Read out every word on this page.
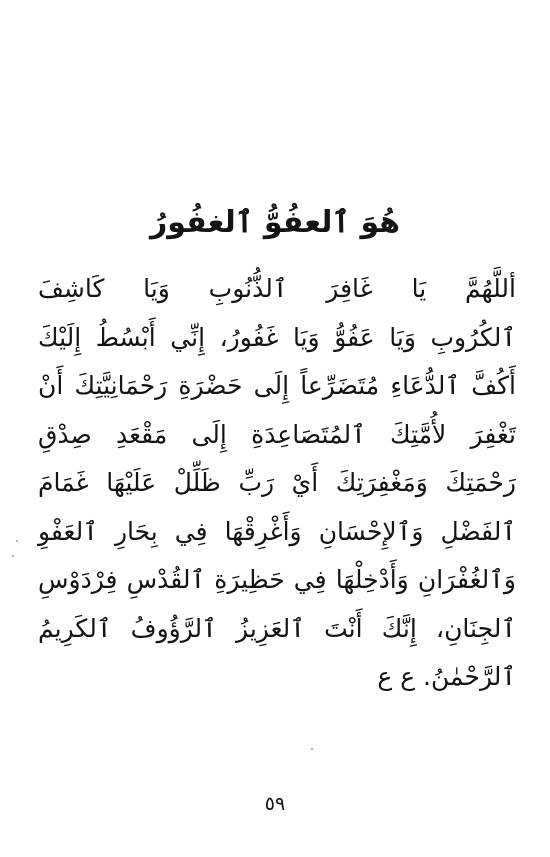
هُوَ ٱلعفُوُّ ٱلغفُورُ
أللَّهُمَّ يَا غَافِرَ ٱلذُّنُوبِ وَيَا كَاشِفَ
ٱلكُرُوبِ وَيَا عَفُوُّ وَيَا غَفُورُ، إِنِّي أَبْسُطُ إِلَيْكَ
أَكُفَّ ٱلدُّعَاءِ مُتَضَرِّعاً إِلَى حَضْرَةِ رَحْمَانِيَّتِكَ أَنْ
تَغْفِرَ لأُمَّتِكَ ٱلمُتَصَاعِدَةِ إِلَى مَقْعَدِ صِدْقِ
رَحْمَتِكَ وَمَغْفِرَتِكَ أَيْ رَبِّ ظَلِّلْ عَلَيْهَا غَمَامَ
ٱلفَضْلِ وَٱلإِحْسَانِ وَأَغْرِقْهَا فِي بِحَارِ ٱلعَفْوِ
وَٱلغُفْرَانِ وَأَدْخِلْهَا فِي حَظِيرَةِ ٱلقُدْسِ فِرْدَوْسِ
ٱلجِنَانِ، إِنَّكَ أَنْتَ ٱلعَزِيزُ ٱلرَّؤُوفُ ٱلكَرِيمُ
ٱلرَّحْمٰنُ. ع ع
٥٩
